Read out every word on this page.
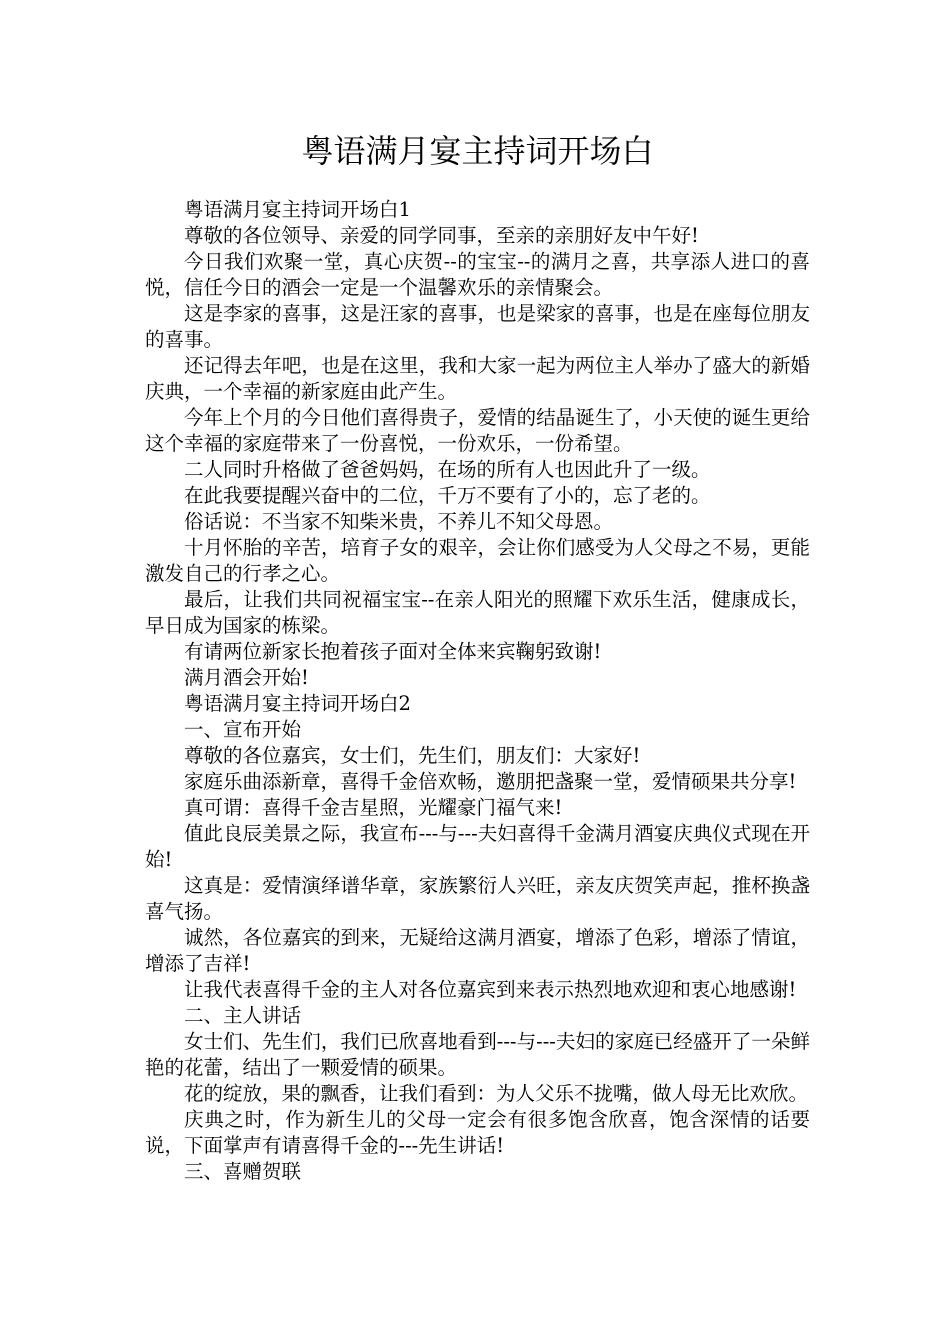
粤语满月宴主持词开场白

粤语满月宴主持词开场白1

尊敬的各位领导、亲爱的同学同事，至亲的亲朋好友中午好!

今日我们欢聚一堂，真心庆贺--的宝宝--的满月之喜，共享添人进口的喜悦，信任今日的酒会一定是一个温馨欢乐的亲情聚会。

这是李家的喜事，这是汪家的喜事，也是梁家的喜事，也是在座每位朋友的喜事。

还记得去年吧，也是在这里，我和大家一起为两位主人举办了盛大的新婚庆典，一个幸福的新家庭由此产生。

今年上个月的今日他们喜得贵子，爱情的结晶诞生了，小天使的诞生更给这个幸福的家庭带来了一份喜悦，一份欢乐，一份希望。

二人同时升格做了爸爸妈妈，在场的所有人也因此升了一级。

在此我要提醒兴奋中的二位，千万不要有了小的，忘了老的。

俗话说：不当家不知柴米贵，不养儿不知父母恩。

十月怀胎的辛苦，培育子女的艰辛，会让你们感受为人父母之不易，更能激发自己的行孝之心。

最后，让我们共同祝福宝宝--在亲人阳光的照耀下欢乐生活，健康成长，早日成为国家的栋梁。

有请两位新家长抱着孩子面对全体来宾鞠躬致谢!

满月酒会开始!

粤语满月宴主持词开场白2

一、宣布开始

尊敬的各位嘉宾，女士们，先生们，朋友们：大家好!

家庭乐曲添新章，喜得千金倍欢畅，邀朋把盏聚一堂，爱情硕果共分享!

真可谓：喜得千金吉星照，光耀豪门福气来!

值此良辰美景之际，我宣布---与---夫妇喜得千金满月酒宴庆典仪式现在开始!

这真是：爱情演绎谱华章，家族繁衍人兴旺，亲友庆贺笑声起，推杯换盏喜气扬。

诚然，各位嘉宾的到来，无疑给这满月酒宴，增添了色彩，增添了情谊，增添了吉祥!

让我代表喜得千金的主人对各位嘉宾到来表示热烈地欢迎和衷心地感谢!

二、主人讲话

女士们、先生们，我们已欣喜地看到---与---夫妇的家庭已经盛开了一朵鲜艳的花蕾，结出了一颗爱情的硕果。

花的绽放，果的飘香，让我们看到：为人父乐不拢嘴，做人母无比欢欣。

庆典之时，作为新生儿的父母一定会有很多饱含欣喜，饱含深情的话要说，下面掌声有请喜得千金的---先生讲话!

三、喜赠贺联
